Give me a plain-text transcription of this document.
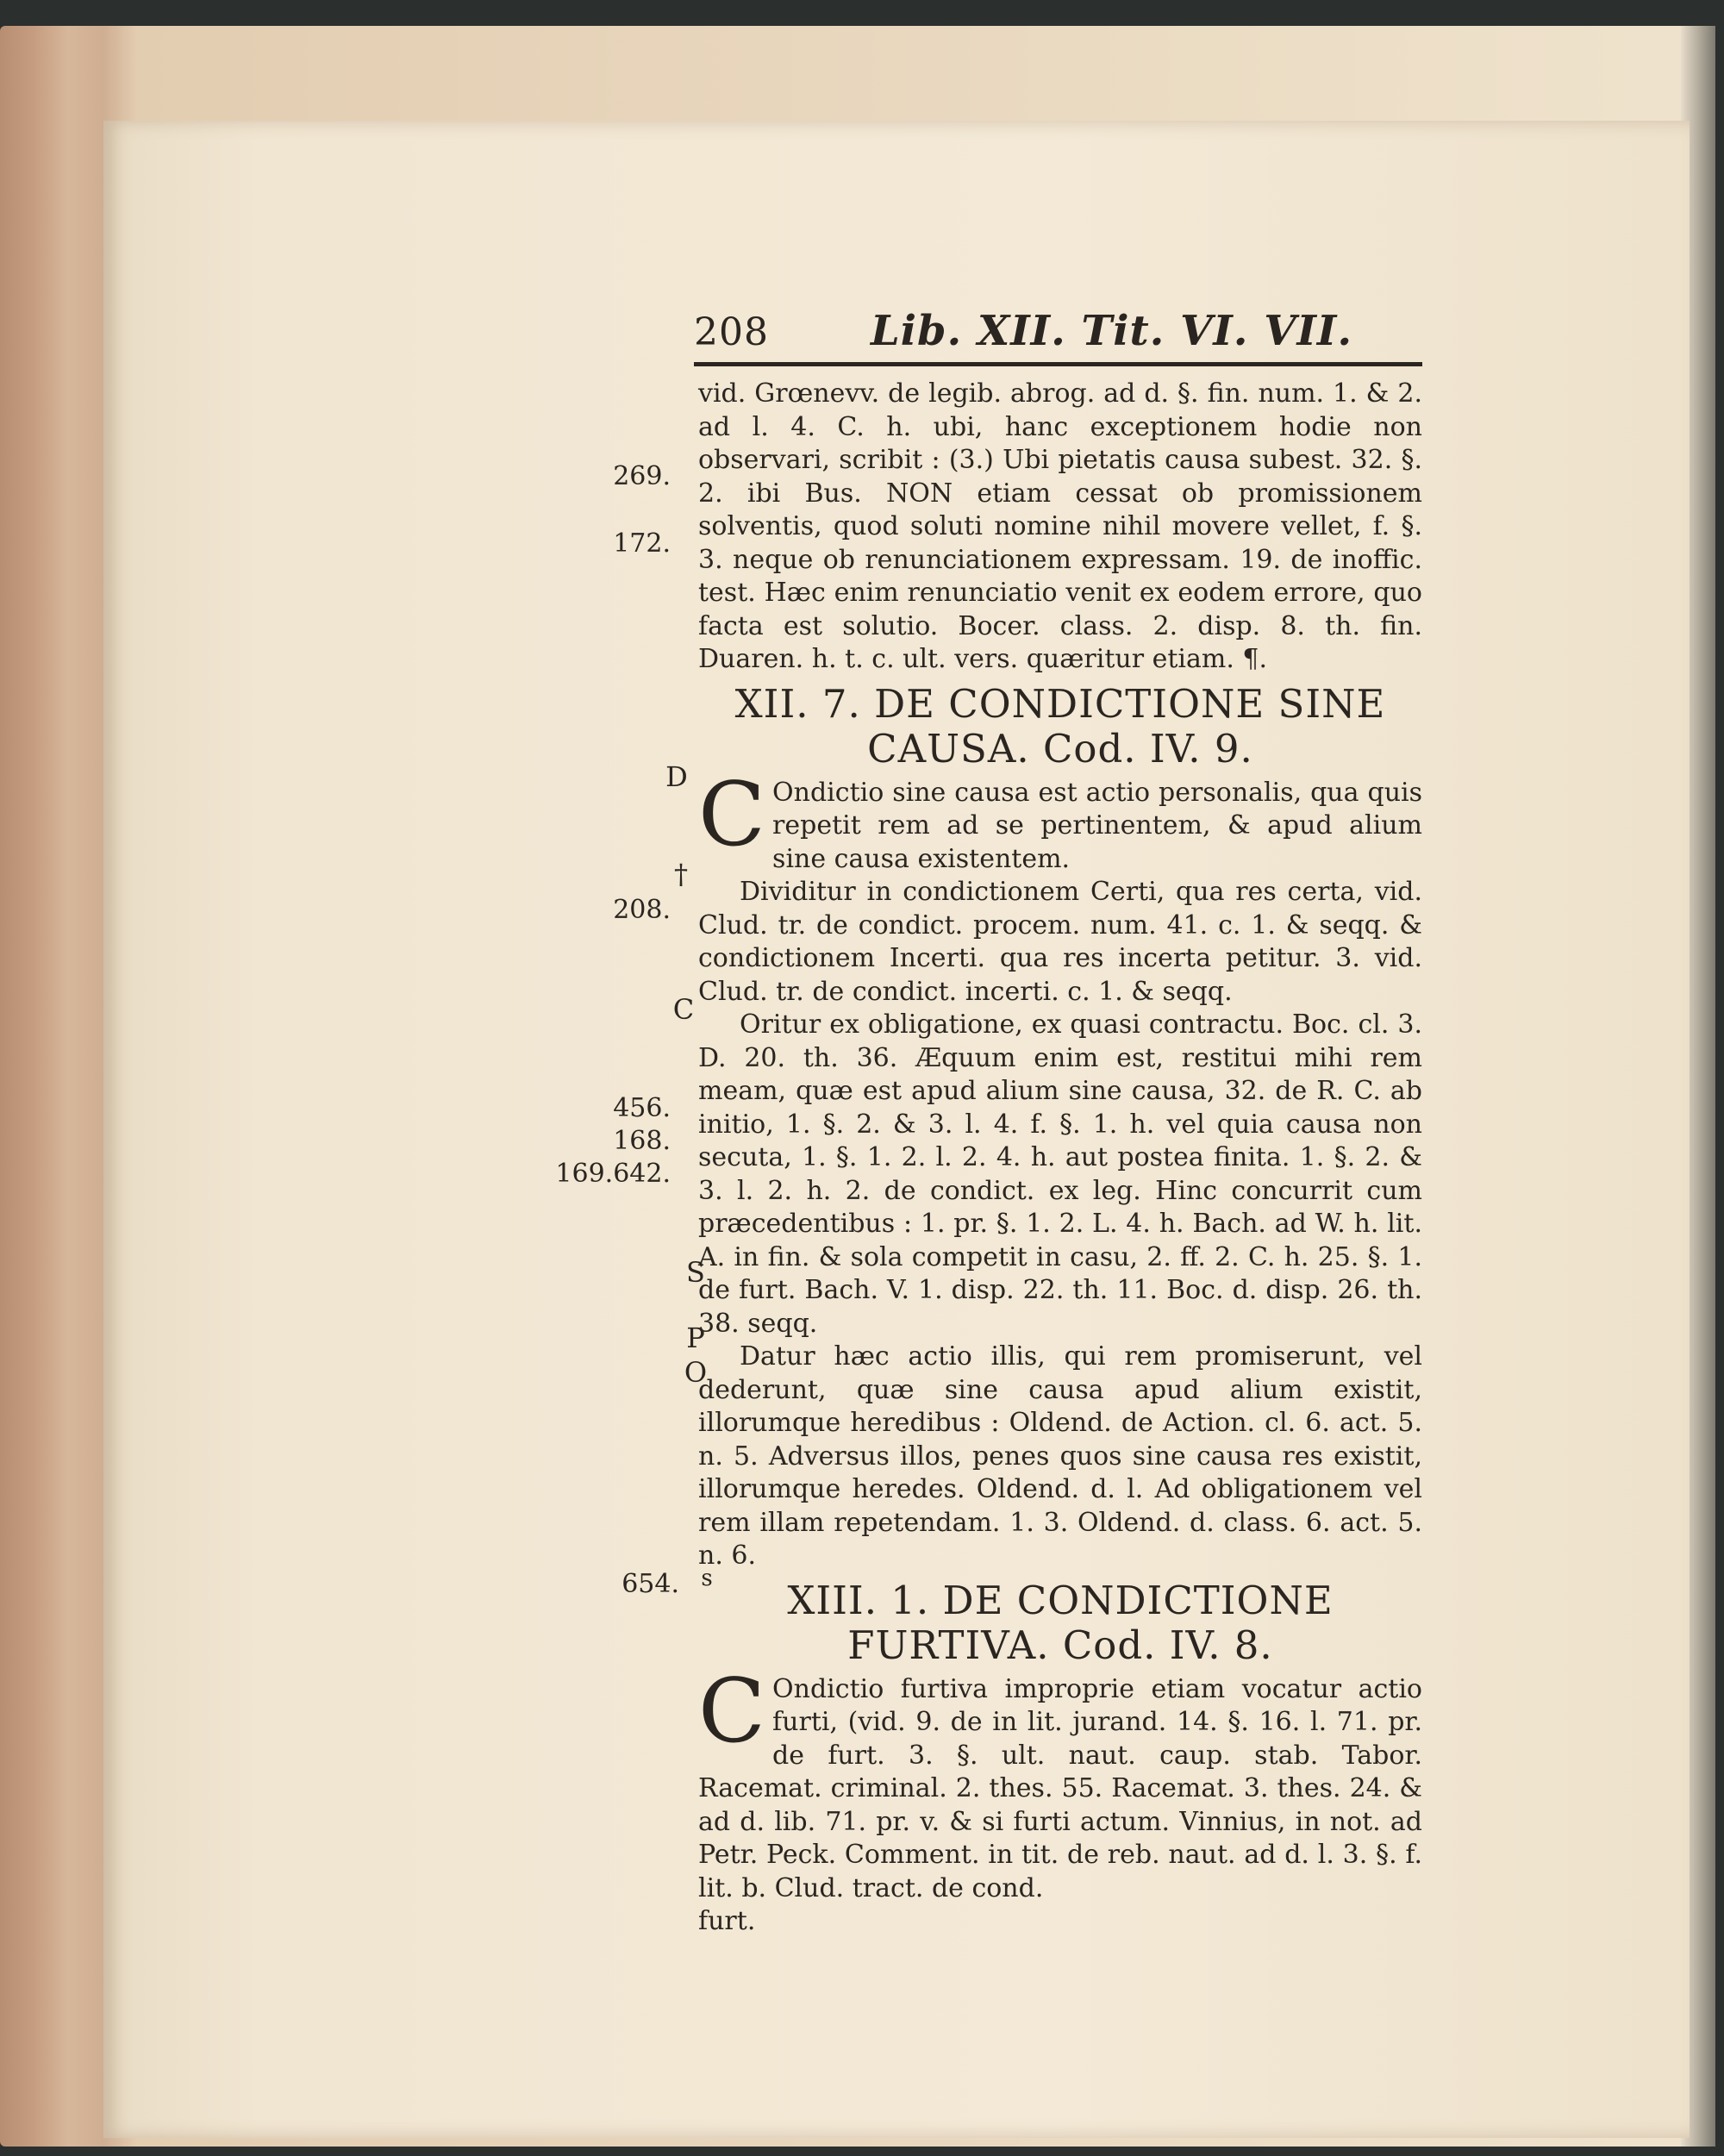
208 Lib. XII. Tit. VI. VII.

vid. Grœnevv. de legib. abrog. ad d. §. fin. num. 1. & 2. ad l. 4. C. h. ubi, hanc exceptionem hodie non observari, scribit : (3.) Ubi pietatis causa subest. 32. §. 2. ibi Bus. NON etiam cessat ob promissionem solventis, quod soluti nomine nihil movere vellet, f. §. 3. neque ob renunciationem expressam. 19. de inoffic. test. Hæc enim renunciatio venit ex eodem errore, quo facta est solutio. Bocer. class. 2. disp. 8. th. fin. Duaren. h. t. c. ult. vers. quæritur etiam. ¶.

XII. 7. DE CONDICTIONE SINE CAUSA. Cod. IV. 9.

C Ondictio sine causa est actio personalis, qua quis repetit rem ad se pertinentem, & apud alium sine causa existentem.

Dividitur in condictionem Certi, qua res certa, vid. Clud. tr. de condict. procem. num. 41. c. 1. & seqq. & condictionem Incerti. qua res incerta petitur. 3. vid. Clud. tr. de condict. incerti. c. 1. & seqq.

Oritur ex obligatione, ex quasi contractu. Boc. cl. 3. D. 20. th. 36. Æquum enim est, restitui mihi rem meam, quæ est apud alium sine causa, 32. de R. C. ab initio, 1. §. 2. & 3. l. 4. f. §. 1. h. vel quia causa non secuta, 1. §. 1. 2. l. 2. 4. h. aut postea finita. 1. §. 2. & 3. l. 2. h. 2. de condict. ex leg. Hinc concurrit cum præcedentibus : 1. pr. §. 1. 2. L. 4. h. Bach. ad W. h. lit. A. in fin. & sola competit in casu, 2. ff. 2. C. h. 25. §. 1. de furt. Bach. V. 1. disp. 22. th. 11. Boc. d. disp. 26. th. 38. seqq.

Datur hæc actio illis, qui rem promiserunt, vel dederunt, quæ sine causa apud alium existit, illorumque heredibus : Oldend. de Action. cl. 6. act. 5. n. 5. Adversus illos, penes quos sine causa res existit, illorumque heredes. Oldend. d. l. Ad obligationem vel rem illam repetendam. 1. 3. Oldend. d. class. 6. act. 5. n. 6.

XIII. 1. DE CONDICTIONE FURTIVA. Cod. IV. 8.

C Ondictio furtiva improprie etiam vocatur actio furti, (vid. 9. de in lit. jurand. 14. §. 16. l. 71. pr. de furt. 3. §. ult. naut. caup. stab. Tabor. Racemat. criminal. 2. thes. 55. Racemat. 3. thes. 24. & ad d. lib. 71. pr. v. & si furti actum. Vinnius, in not. ad Petr. Peck. Comment. in tit. de reb. naut. ad d. l. 3. §. f. lit. b. Clud. tract. de cond.

furt.

269.
172.
D
†
208.
C
456.
168.
169.642.
S
P
O
654. s
